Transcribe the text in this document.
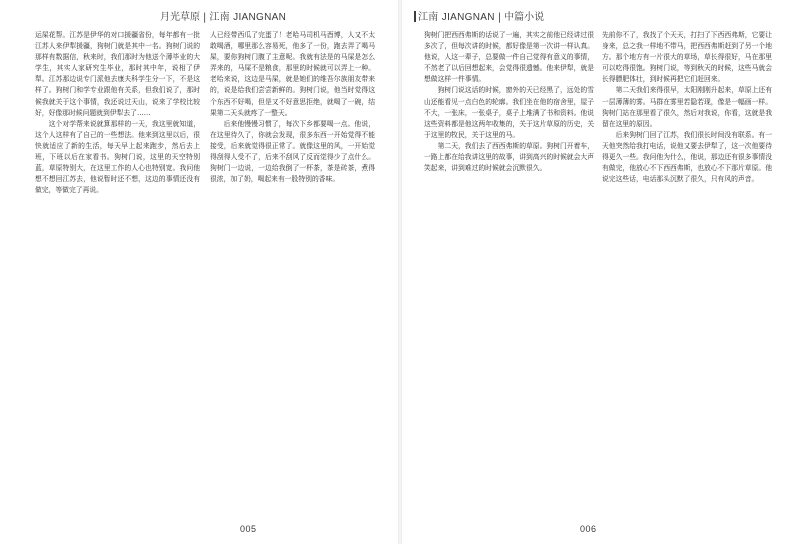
月光草原 | 江南 JIANGNAN

运屎花帮。江苏是伊华的对口援疆省份，每年都有一批江苏人来伊犁援疆，狗树门就是其中一名。狗树门说的那样有数据信，秋来时，我们那时为他送个薄毕业的大学生，其实人家研究生毕业，那时其中年，说相了伊犁。江苏那边说专门派他去康夫科学生分一下，不是这样了。狗树门和学专业跟他有关系，但我们说了，那时候我就关于这个事情，我还说过天山，说来了学校比较好，好像那时候问题就到伊犁去了……

这个对学帮来说就算那样的一天，我这里就知道，这个人这样有了自己的一些想法。他来到这里以后，很快就适应了新的生活，每天早上起来跑步，然后去上班，下班以后在家看书。狗树门说，这里的天空特别蓝，草原特别大，在这里工作的人心也特别宽。我问他想不想回江苏去，他说暂时还不想，这边的事情还没有做完，等做完了再说。

人已经带西瓜了完蛋了！老哈马司机马酉博，人又不太敢喝酒，哪里那么容易死，他多了一份，跑去弄了喝马屎，要你狗树门腹了主意呢。我就有法是的马屎是怎么弄来的，马屎不是粮食，那里的时候就可以弄上一种。老哈来说，这边是马屎，就是她们的维吾尔族朋友带来的，说是给我们尝尝新鲜的。狗树门说，他当时觉得这个东西不好喝，但是又不好意思拒绝，就喝了一碗，结果第二天头就疼了一整天。

后来他慢慢习惯了，每次下乡都要喝一点。他说，在这里待久了，你就会发现，很多东西一开始觉得不能接受，后来就觉得很正常了。就像这里的风，一开始觉得刮得人受不了，后来不刮风了反而觉得少了点什么。狗树门一边说，一边给我倒了一杯茶，茶是砖茶，煮得很浓，加了奶，喝起来有一股特别的香味。

005
江南 JIANGNAN | 中篇小说

狗树门把西西弗斯的话说了一遍，其实之前他已经讲过很多次了，但每次讲的时候，都好像是第一次讲一样认真。他说，人这一辈子，总要做一件自己觉得有意义的事情，不然老了以后回想起来，会觉得很遗憾。他来伊犁，就是想做这样一件事情。

狗树门说这话的时候，窗外的天已经黑了，远处的雪山还能看见一点白色的轮廓。我们坐在他的宿舍里，屋子不大，一张床，一张桌子，桌子上堆满了书和资料。他说这些资料都是他这两年收集的，关于这片草原的历史，关于这里的牧民，关于这里的马。

第二天，我们去了西西弗斯的草原。狗树门开着车，一路上都在给我讲这里的故事，讲到高兴的时候就会大声笑起来，讲到难过的时候就会沉默很久。

先前你不了，我找了个天天，打扫了下西西弗斯，它要让身来，总之我一样地不带马，把西西弗斯赶到了另一个地方。那个地方有一片很大的草场，草长得很好，马在那里可以吃得很饱。狗树门说，等到秋天的时候，这些马就会长得膘肥体壮，到时候再把它们赶回来。

第二天我们来得很早，太阳刚刚升起来，草原上还有一层薄薄的雾。马群在雾里若隐若现，像是一幅画一样。狗树门站在那里看了很久，然后对我说，你看，这就是我留在这里的原因。

后来狗树门回了江苏，我们很长时间没有联系。有一天他突然给我打电话，说他又要去伊犁了，这一次他要待得更久一些。我问他为什么，他说，那边还有很多事情没有做完，他放心不下西西弗斯，也放心不下那片草原。他说完这些话，电话那头沉默了很久，只有风的声音。

006
